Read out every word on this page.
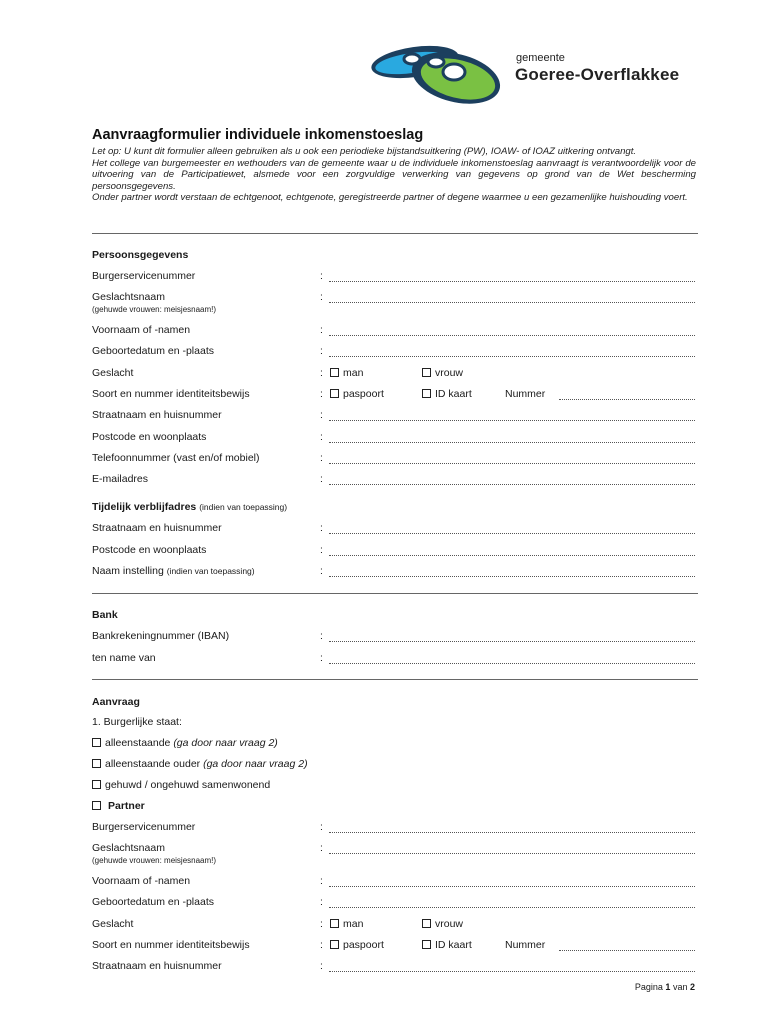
gemeente
Goeree-Overflakkee
Aanvraagformulier individuele inkomenstoeslag

Let op: U kunt dit formulier alleen gebruiken als u ook een periodieke bijstandsuitkering (PW), IOAW- of IOAZ uitkering ontvangt.

Het college van burgemeester en wethouders van de gemeente waar u de individuele inkomenstoeslag aanvraagt is verantwoordelijk voor de uitvoering van de Participatiewet, alsmede voor een zorgvuldige verwerking van gegevens op grond van de Wet bescherming persoonsgegevens.

Onder partner wordt verstaan de echtgenoot, echtgenote, geregistreerde partner of degene waarmee u een gezamenlijke huishouding voert.

Persoonsgegevens
Burgerservicenummer	:
Geslachtsnaam
(gehuwde vrouwen: meisjesnaam!)
:
Voornaam of -namen	:
Geboortedatum en -plaats	:
Geslacht	:	man	vrouw
Soort en nummer identiteitsbewijs	:	paspoort	ID kaart	Nummer
Straatnaam en huisnummer	:
Postcode en woonplaats	:
Telefoonnummer (vast en/of mobiel)	:
E-mailadres	:
Tijdelijk verblijfadres (indien van toepassing)
Straatnaam en huisnummer	:
Postcode en woonplaats	:
Naam instelling (indien van toepassing)	:
Bank
Bankrekeningnummer (IBAN)	:
ten name van	:
Aanvraag
1. Burgerlijke staat:
alleenstaande (ga door naar vraag 2)
alleenstaande ouder (ga door naar vraag 2)
gehuwd / ongehuwd samenwonend
Partner
Burgerservicenummer	:
Geslachtsnaam
(gehuwde vrouwen: meisjesnaam!)
:
Voornaam of -namen	:
Geboortedatum en -plaats	:
Geslacht	:	man	vrouw
Soort en nummer identiteitsbewijs	:	paspoort	ID kaart	Nummer
Straatnaam en huisnummer	:
Pagina 1 van 2
